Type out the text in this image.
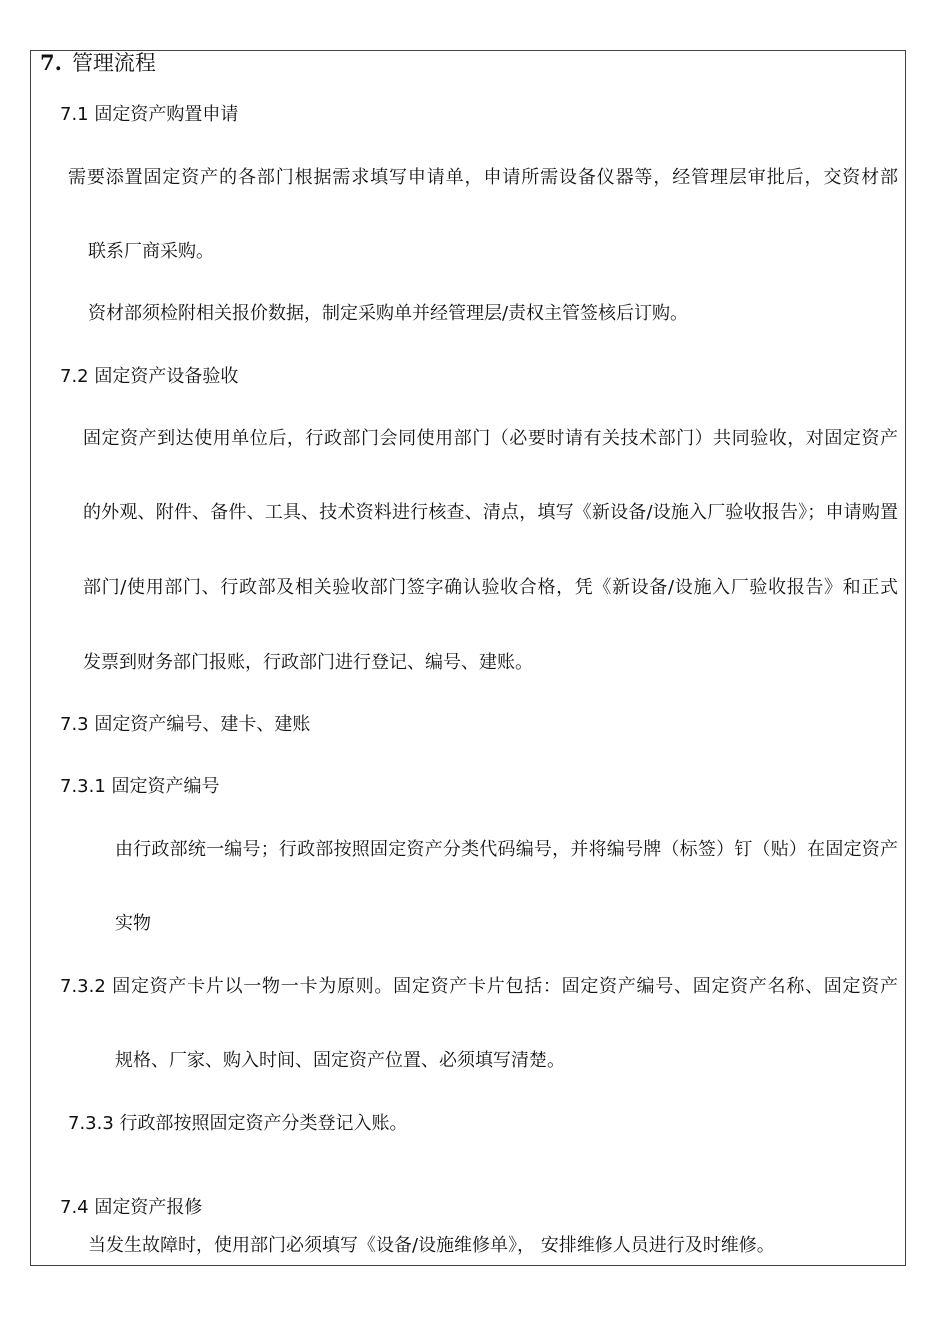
7. 管理流程
7.1 固定资产购置申请
需要添置固定资产的各部门根据需求填写申请单，申请所需设备仪器等，经管理层审批后，交资材部
联系厂商采购。
资材部须检附相关报价数据，制定采购单并经管理层/责权主管签核后订购。
7.2 固定资产设备验收
固定资产到达使用单位后，行政部门会同使用部门（必要时请有关技术部门）共同验收，对固定资产
的外观、附件、备件、工具、技术资料进行核查、清点，填写《新设备/设施入厂验收报告》；申请购置
部门/使用部门、行政部及相关验收部门签字确认验收合格，凭《新设备/设施入厂验收报告》和正式
发票到财务部门报账，行政部门进行登记、编号、建账。
7.3 固定资产编号、建卡、建账
7.3.1 固定资产编号
由行政部统一编号；行政部按照固定资产分类代码编号，并将编号牌（标签）钉（贴）在固定资产
实物
7.3.2 固定资产卡片以一物一卡为原则。固定资产卡片包括：固定资产编号、固定资产名称、固定资产
规格、厂家、购入时间、固定资产位置、必须填写清楚。
7.3.3 行政部按照固定资产分类登记入账。
7.4 固定资产报修
当发生故障时，使用部门必须填写《设备/设施维修单》， 安排维修人员进行及时维修。
